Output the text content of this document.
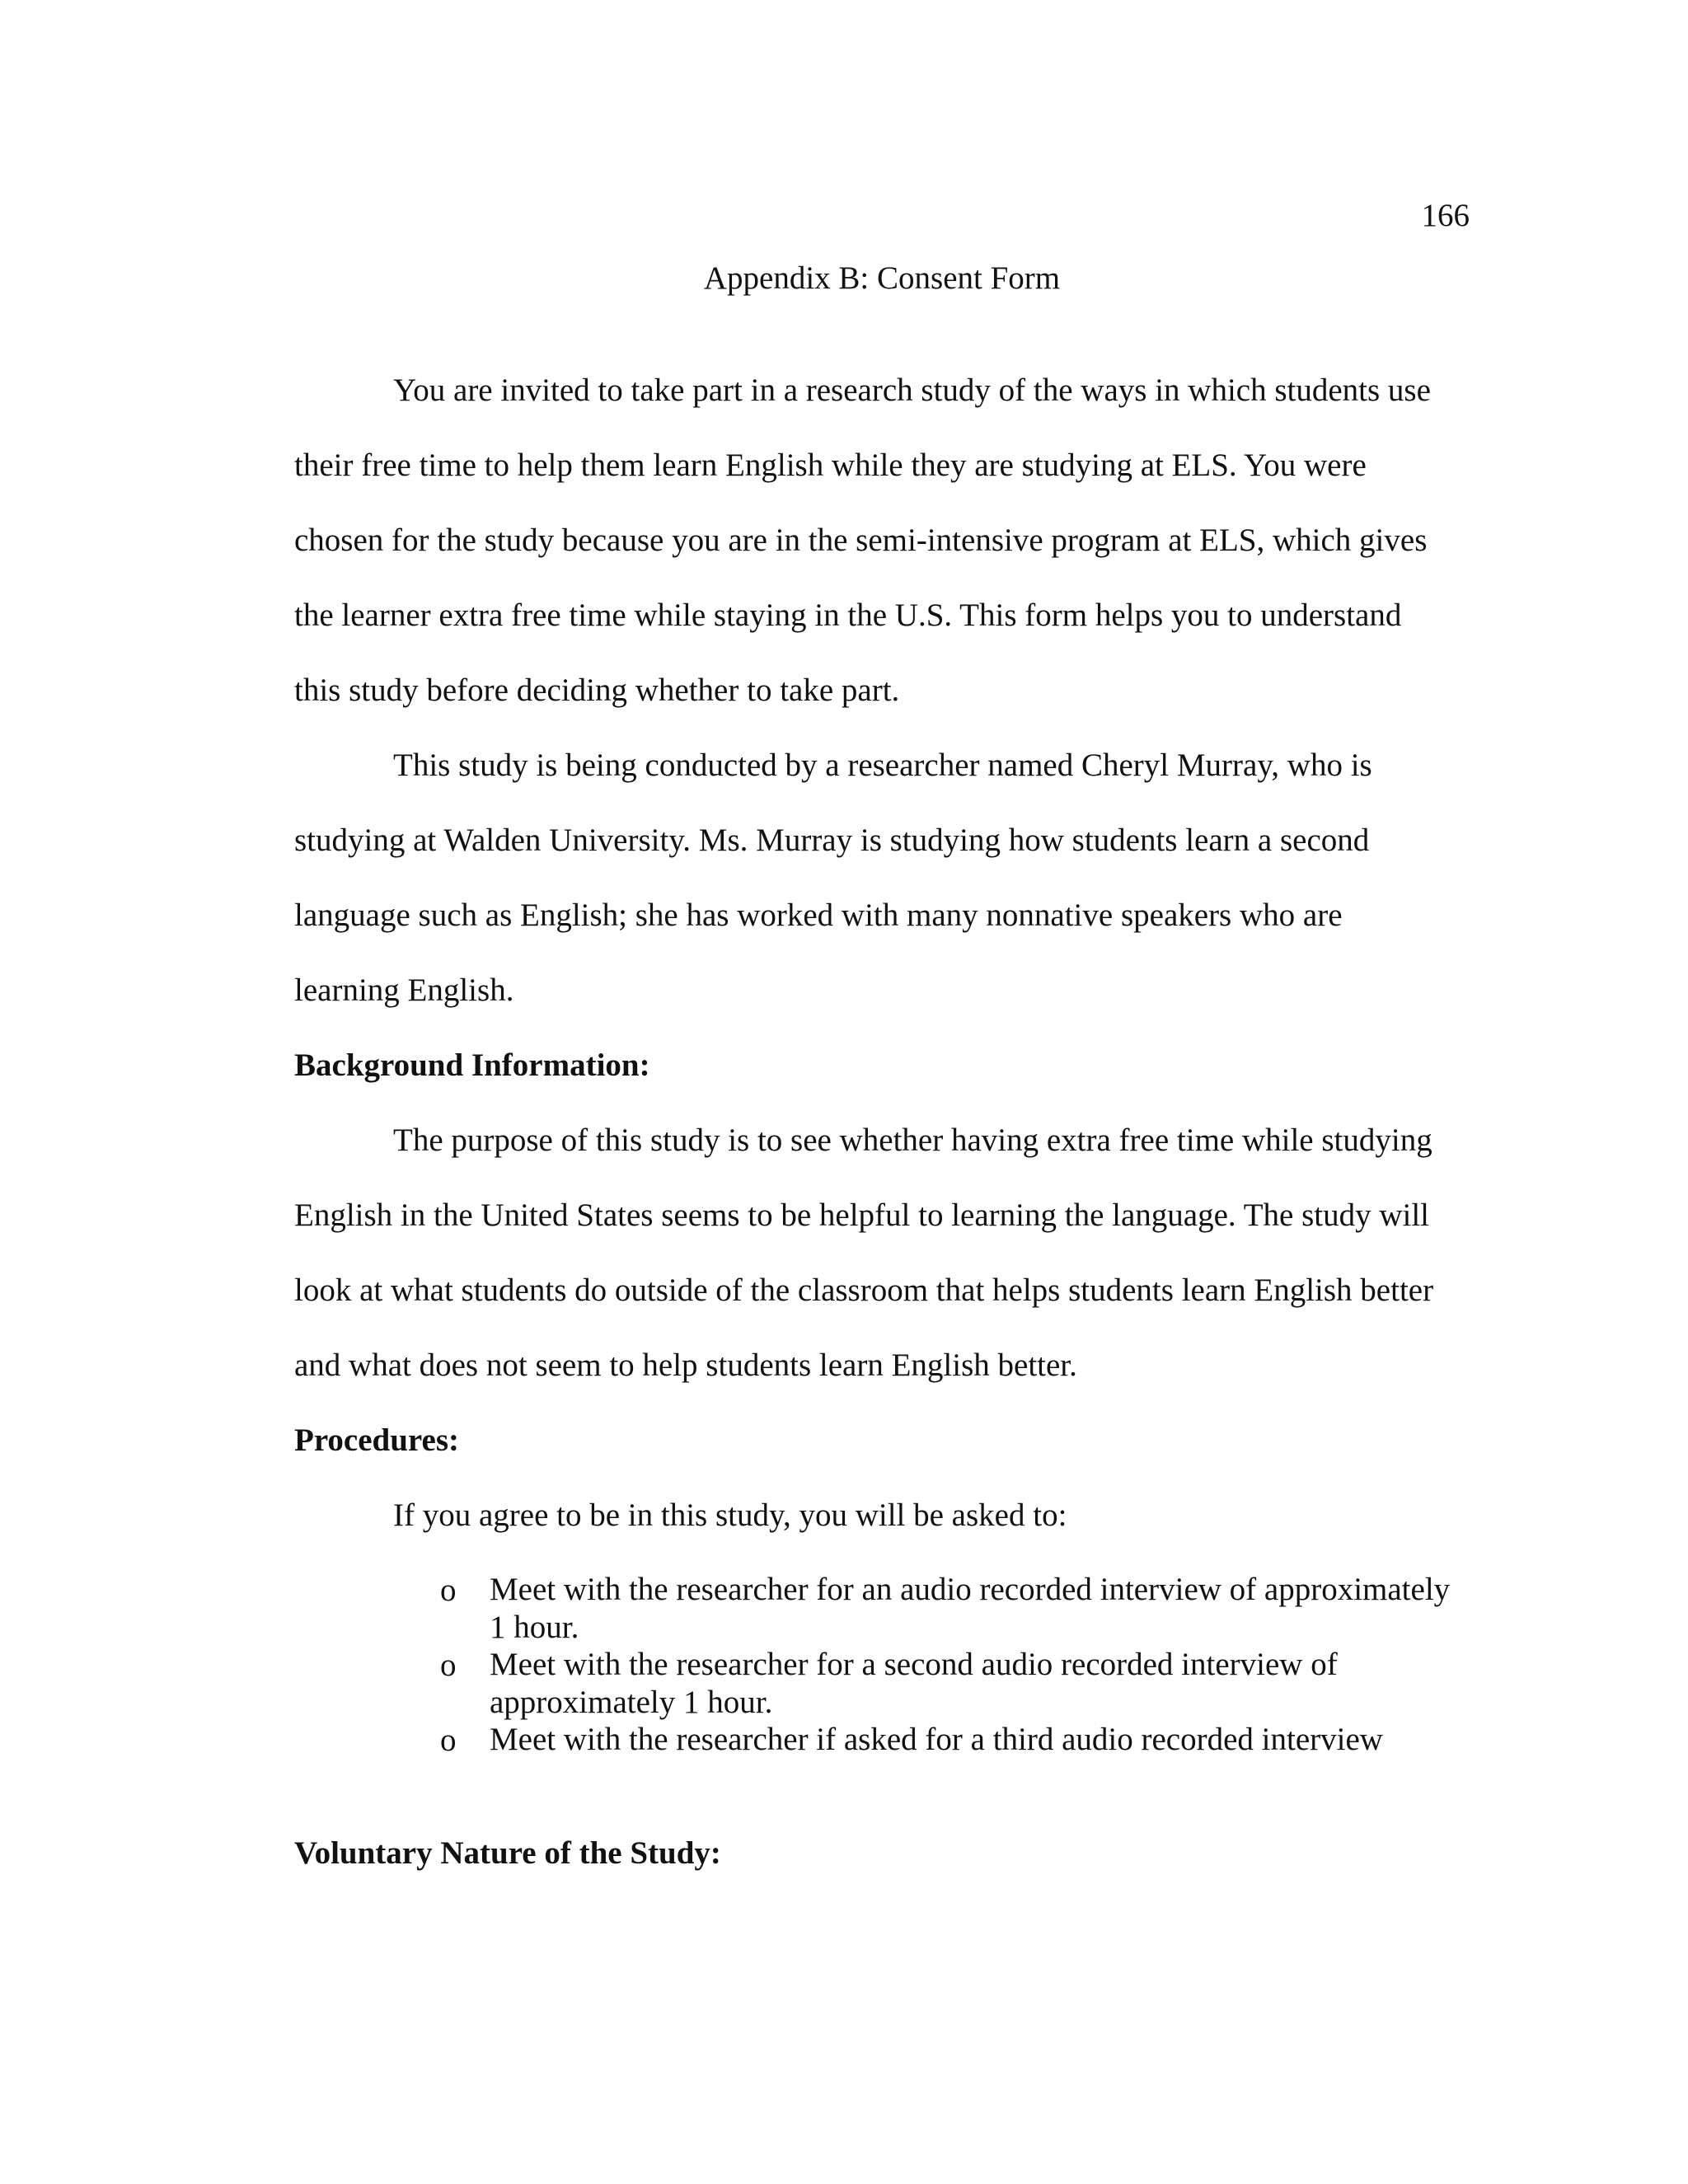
166
Appendix B: Consent Form
You are invited to take part in a research study of the ways in which students use
their free time to help them learn English while they are studying at ELS. You were
chosen for the study because you are in the semi-intensive program at ELS, which gives
the learner extra free time while staying in the U.S. This form helps you to understand
this study before deciding whether to take part.
This study is being conducted by a researcher named Cheryl Murray, who is
studying at Walden University. Ms. Murray is studying how students learn a second
language such as English; she has worked with many nonnative speakers who are
learning English.
Background Information:
The purpose of this study is to see whether having extra free time while studying
English in the United States seems to be helpful to learning the language. The study will
look at what students do outside of the classroom that helps students learn English better
and what does not seem to help students learn English better.
Procedures:
If you agree to be in this study, you will be asked to:
o Meet with the researcher for an audio recorded interview of approximately
1 hour.
o Meet with the researcher for a second audio recorded interview of
approximately 1 hour.
o Meet with the researcher if asked for a third audio recorded interview
Voluntary Nature of the Study:
